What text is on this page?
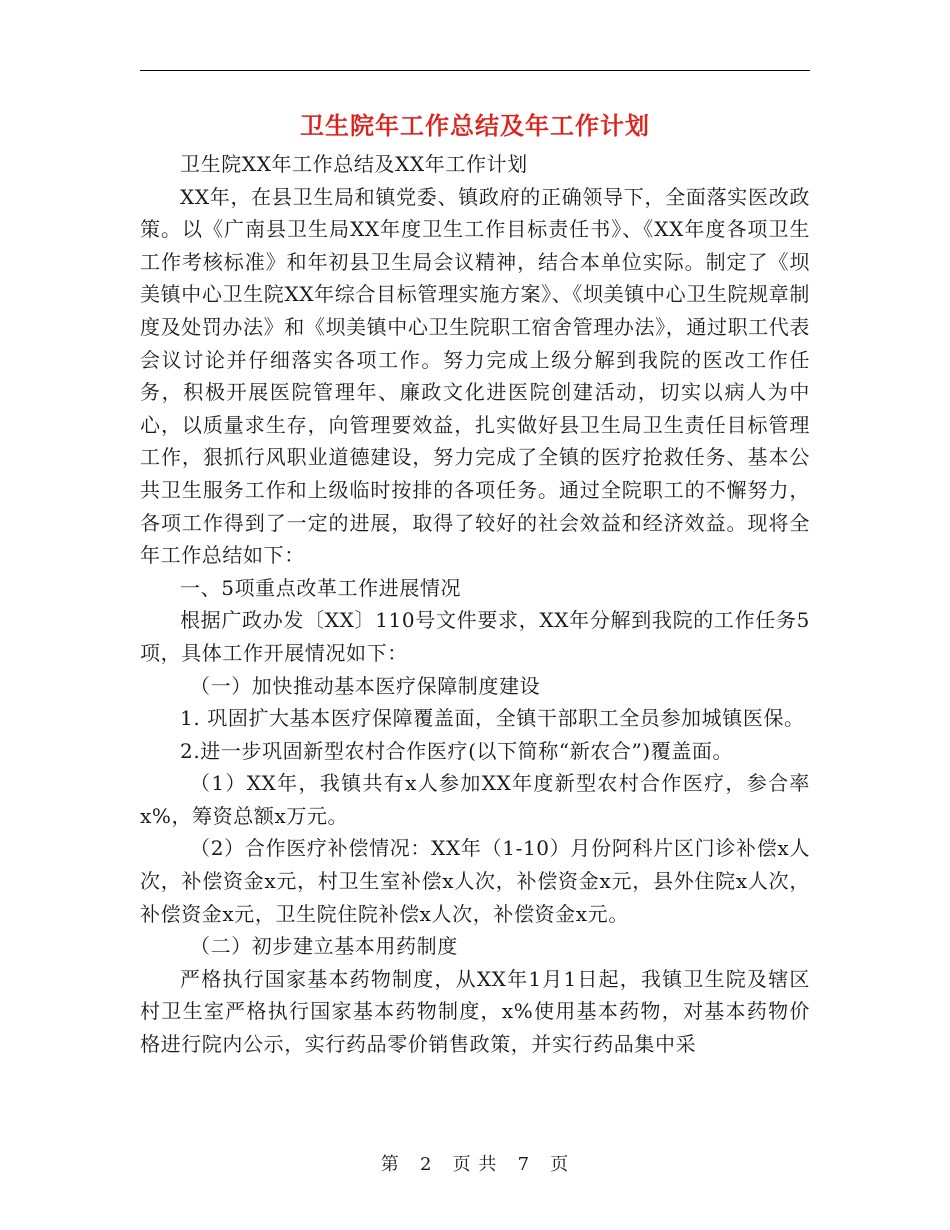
卫生院年工作总结及年工作计划

卫生院XX年工作总结及XX年工作计划

XX年，在县卫生局和镇党委、镇政府的正确领导下，全面落实医改政策。以《广南县卫生局XX年度卫生工作目标责任书》、《XX年度各项卫生工作考核标准》和年初县卫生局会议精神，结合本单位实际。制定了《坝美镇中心卫生院XX年综合目标管理实施方案》、《坝美镇中心卫生院规章制度及处罚办法》和《坝美镇中心卫生院职工宿舍管理办法》，通过职工代表会议讨论并仔细落实各项工作。努力完成上级分解到我院的医改工作任务，积极开展医院管理年、廉政文化进医院创建活动，切实以病人为中心，以质量求生存，向管理要效益，扎实做好县卫生局卫生责任目标管理工作，狠抓行风职业道德建设，努力完成了全镇的医疗抢救任务、基本公共卫生服务工作和上级临时按排的各项任务。通过全院职工的不懈努力，各项工作得到了一定的进展，取得了较好的社会效益和经济效益。现将全年工作总结如下：

一、5项重点改革工作进展情况

根据广政办发〔XX〕110号文件要求，XX年分解到我院的工作任务5项，具体工作开展情况如下：

（一）加快推动基本医疗保障制度建设

1. 巩固扩大基本医疗保障覆盖面，全镇干部职工全员参加城镇医保。

2.进一步巩固新型农村合作医疗(以下简称“新农合”)覆盖面。

（1）XX年，我镇共有x人参加XX年度新型农村合作医疗，参合率x%，筹资总额x万元。

（2）合作医疗补偿情况：XX年（1-10）月份阿科片区门诊补偿x人次，补偿资金x元，村卫生室补偿x人次，补偿资金x元，县外住院x人次，补偿资金x元，卫生院住院补偿x人次，补偿资金x元。

（二）初步建立基本用药制度

严格执行国家基本药物制度，从XX年1月1日起，我镇卫生院及辖区村卫生室严格执行国家基本药物制度，x%使用基本药物，对基本药物价格进行院内公示，实行药品零价销售政策，并实行药品集中采

第 2 页 共 7 页
